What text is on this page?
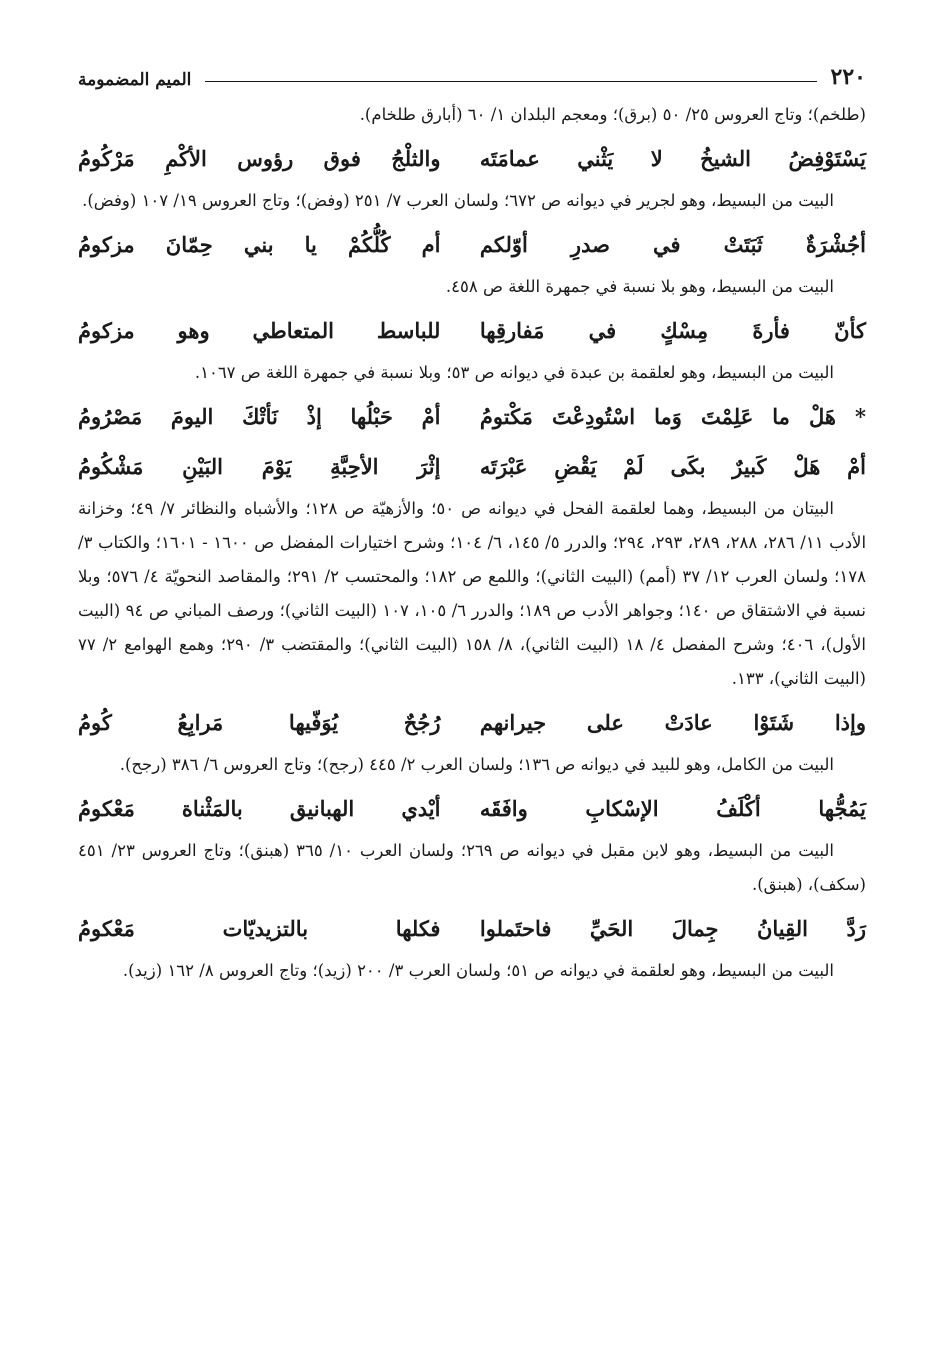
٢٢٠
الميم المضمومة

(طلخم)؛ وتاج العروس ٢٥/ ٥٠ (برق)؛ ومعجم البلدان ١/ ٦٠ (أبارق طلخام).

يَسْتَوْفِضُ الشيخُ لا يَثْني عمامَتَه
والثلْجُ فوق رؤوس الأكْمِ مَرْكُومُ

البيت من البسيط، وهو لجرير في ديوانه ص ٦٧٢؛ ولسان العرب ٧/ ٢٥١ (وفض)؛ وتاج العروس ١٩/ ١٠٧ (وفض).

أجُشْرَةٌ ثَبَتَتْ في صدرِ أوّلكم
أم كُلُّكُمْ يا بني حِمّانَ مزكومُ

البيت من البسيط، وهو بلا نسبة في جمهرة اللغة ص ٤٥٨.

كأنّ فأرةَ مِسْكٍ في مَفارقِها
للباسط المتعاطي وهو مزكومُ

البيت من البسيط، وهو لعلقمة بن عبدة في ديوانه ص ٥٣؛ وبلا نسبة في جمهرة اللغة ص ١٠٦٧.

* هَلْ ما عَلِمْتَ وَما اسْتُودِعْتَ مَكْتومُ
أمْ حَبْلُها إذْ نَأتْكَ اليومَ مَصْرُومُ
أمْ هَلْ كَبيرٌ بكَى لَمْ يَقْضِ عَبْرَتَه
إثْرَ الأحِبَّةِ يَوْمَ البَيْنِ مَشْكُومُ

البيتان من البسيط، وهما لعلقمة الفحل في ديوانه ص ٥٠؛ والأزهيّة ص ١٢٨؛ والأشباه والنظائر ٧/ ٤٩؛ وخزانة الأدب ١١/ ٢٨٦، ٢٨٨، ٢٨٩، ٢٩٣، ٢٩٤؛ والدرر ٥/ ١٤٥، ٦/ ١٠٤؛ وشرح اختيارات المفضل ص ١٦٠٠ - ١٦٠١؛ والكتاب ٣/ ١٧٨؛ ولسان العرب ١٢/ ٣٧ (أمم) (البيت الثاني)؛ واللمع ص ١٨٢؛ والمحتسب ٢/ ٢٩١؛ والمقاصد النحويّة ٤/ ٥٧٦؛ وبلا نسبة في الاشتقاق ص ١٤٠؛ وجواهر الأدب ص ١٨٩؛ والدرر ٦/ ١٠٥، ١٠٧ (البيت الثاني)؛ ورصف المباني ص ٩٤ (البيت الأول)، ٤٠٦؛ وشرح المفصل ٤/ ١٨ (البيت الثاني)، ٨/ ١٥٨ (البيت الثاني)؛ والمقتضب ٣/ ٢٩٠؛ وهمع الهوامع ٢/ ٧٧ (البيت الثاني)، ١٣٣.

وإذا شَتَوْا عادَتْ على جيرانهم
رُجُحٌ يُوَفّيها مَرابِعُ كُومُ

البيت من الكامل، وهو للبيد في ديوانه ص ١٣٦؛ ولسان العرب ٢/ ٤٤٥ (رجح)؛ وتاج العروس ٦/ ٣٨٦ (رجح).

يَمُجُّها أكْلَفُ الإسْكابِ وافَقَه
أيْدي الهبانيق بالمَثْناة مَعْكومُ

البيت من البسيط، وهو لابن مقبل في ديوانه ص ٢٦٩؛ ولسان العرب ١٠/ ٣٦٥ (هبنق)؛ وتاج العروس ٢٣/ ٤٥١ (سكف)، (هبنق).

رَدَّ القِيانُ جِمالَ الحَيِّ فاحتَملوا
فكلها بالتزيديّات مَعْكومُ

البيت من البسيط، وهو لعلقمة في ديوانه ص ٥١؛ ولسان العرب ٣/ ٢٠٠ (زيد)؛ وتاج العروس ٨/ ١٦٢ (زيد).
